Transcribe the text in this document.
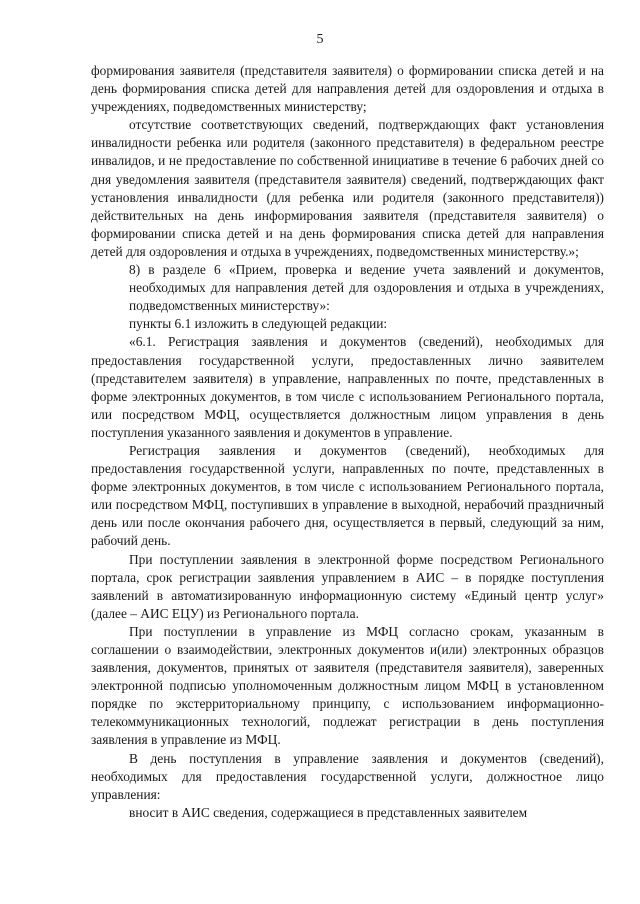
5

формирования заявителя (представителя заявителя) о формировании списка детей и на день формирования списка детей для направления детей для оздоровления и отдыха в учреждениях, подведомственных министерству;

отсутствие соответствующих сведений, подтверждающих факт установления инвалидности ребенка или родителя (законного представителя) в федеральном реестре инвалидов, и не предоставление по собственной инициативе в течение 6 рабочих дней со дня уведомления заявителя (представителя заявителя) сведений, подтверждающих факт установления инвалидности (для ребенка или родителя (законного представителя)) действительных на день информирования заявителя (представителя заявителя) о формировании списка детей и на день формирования списка детей для направления детей для оздоровления и отдыха в учреждениях, подведомственных министерству.»;

8) в разделе 6 «Прием, проверка и ведение учета заявлений и документов, необходимых для направления детей для оздоровления и отдыха в учреждениях, подведомственных министерству»:

пункты 6.1 изложить в следующей редакции:

«6.1. Регистрация заявления и документов (сведений), необходимых для предоставления государственной услуги, предоставленных лично заявителем (представителем заявителя) в управление, направленных по почте, представленных в форме электронных документов, в том числе с использованием Регионального портала, или посредством МФЦ, осуществляется должностным лицом управления в день поступления указанного заявления и документов в управление.

Регистрация заявления и документов (сведений), необходимых для предоставления государственной услуги, направленных по почте, представленных в форме электронных документов, в том числе с использованием Регионального портала, или посредством МФЦ, поступивших в управление в выходной, нерабочий праздничный день или после окончания рабочего дня, осуществляется в первый, следующий за ним, рабочий день.

При поступлении заявления в электронной форме посредством Регионального портала, срок регистрации заявления управлением в АИС – в порядке поступления заявлений в автоматизированную информационную систему «Единый центр услуг» (далее – АИС ЕЦУ) из Регионального портала.

При поступлении в управление из МФЦ согласно срокам, указанным в соглашении о взаимодействии, электронных документов и(или) электронных образцов заявления, документов, принятых от заявителя (представителя заявителя), заверенных электронной подписью уполномоченным должностным лицом МФЦ в установленном порядке по экстерриториальному принципу, с использованием информационно-телекоммуникационных технологий, подлежат регистрации в день поступления заявления в управление из МФЦ.

В день поступления в управление заявления и документов (сведений), необходимых для предоставления государственной услуги, должностное лицо управления:

вносит в АИС сведения, содержащиеся в представленных заявителем
